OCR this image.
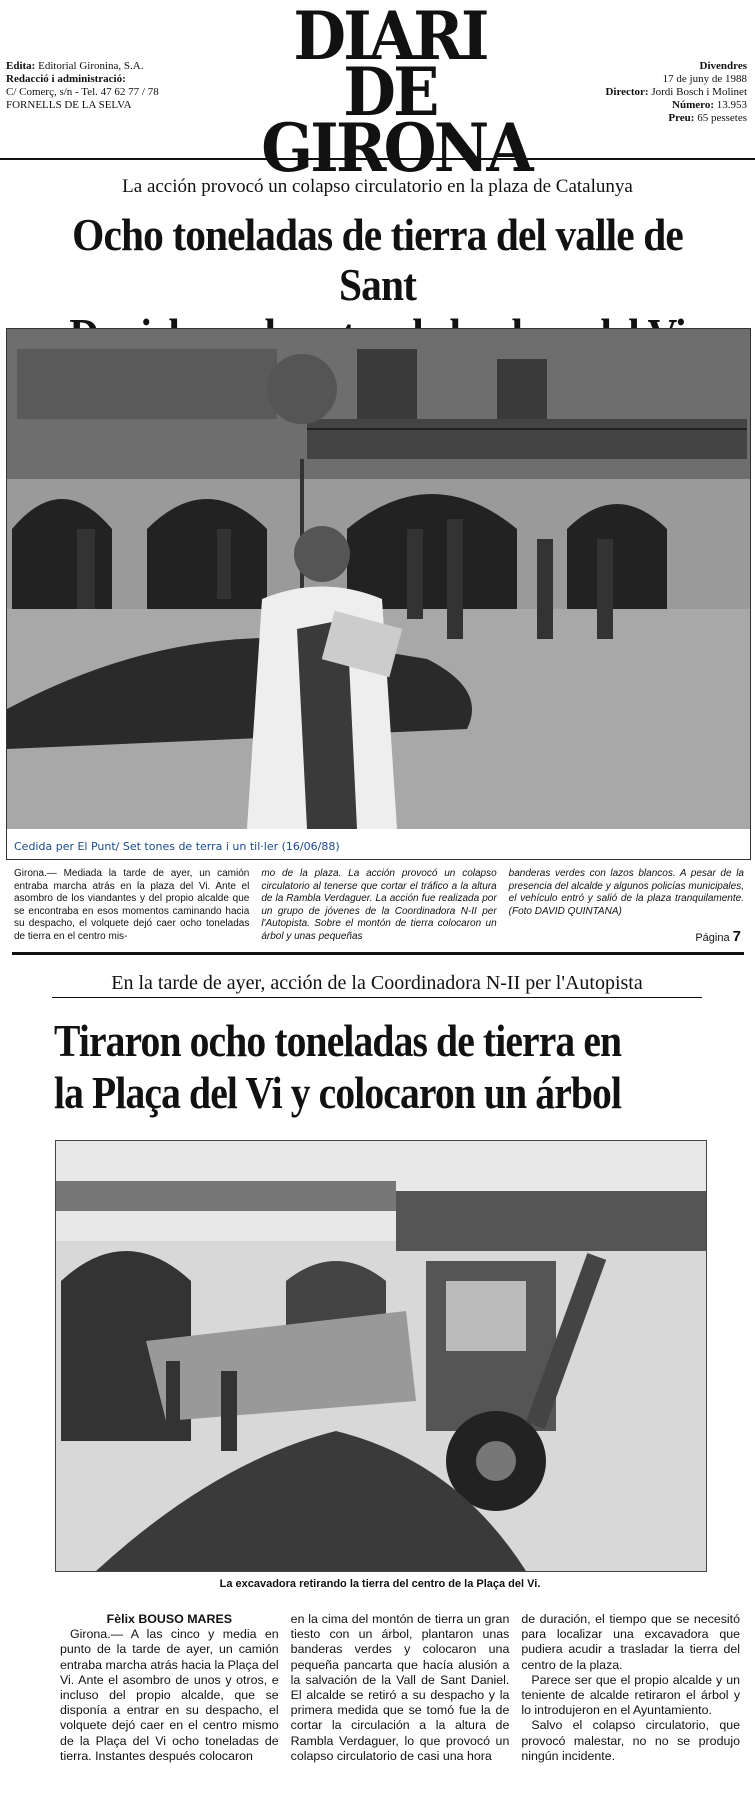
Edita: Editorial Gironina, S.A.
Redacció i administració:
C/ Comerç, s/n - Tel. 47 62 77 / 78
FORNELLS DE LA SELVA
DIARI DE
GIRONA
Divendres
17 de juny de 1988
Director: Jordi Bosch i Molinet
Número: 13.953
Preu: 65 pessetes
La acción provocó un colapso circulatorio en la plaza de Catalunya
Ocho toneladas de tierra del valle de Sant
Cedida per El Punt/ Set tones de terra i un til·ler (16/06/88)
Girona.— Mediada la tarde de ayer, un camión entraba marcha atrás en la plaza del Vi. Ante el asombro de los viandantes y del propio alcalde que se encontraba en esos momentos caminando hacia su despacho, el volquete dejó caer ocho toneladas de tierra en el centro mis-
mo de la plaza. La acción provocó un colapso circulatorio al tenerse que cortar el tráfico a la altura de la Rambla Verdaguer. La acción fue realizada por un grupo de jóvenes de la Coordinadora N-II per l'Autopista. Sobre el montón de tierra colocaron un árbol y unas pequeñas
banderas verdes con lazos blancos. A pesar de la presencia del alcalde y algunos policías municipales, el vehículo entró y salió de la plaza tranquilamente. (Foto DAVID QUINTANA)
Página 7
En la tarde de ayer, acción de la Coordinadora N-II per l'Autopista
Tiraron ocho toneladas de tierra en
la Plaça del Vi y colocaron un árbol
La excavadora retirando la tierra del centro de la Plaça del Vi.
Fèlix BOUSO MARES

Girona.— A las cinco y media en punto de la tarde de ayer, un camión entraba marcha atrás hacia la Plaça del Vi. Ante el asombro de unos y otros, e incluso del propio alcalde, que se disponía a entrar en su despacho, el volquete dejó caer en el centro mismo de la Plaça del Vi ocho toneladas de tierra. Instantes después colocaron

en la cima del montón de tierra un gran tiesto con un árbol, plantaron unas banderas verdes y colocaron una pequeña pancarta que hacía alusión a la salvación de la Vall de Sant Daniel. El alcalde se retiró a su despacho y la primera medida que se tomó fue la de cortar la circulación a la altura de Rambla Verdaguer, lo que provocó un colapso circulatorio de casi una hora

de duración, el tiempo que se necesitó para localizar una excavadora que pudiera acudir a trasladar la tierra del centro de la plaza.

Parece ser que el propio alcalde y un teniente de alcalde retiraron el árbol y lo introdujeron en el Ayuntamiento.

Salvo el colapso circulatorio, que provocó malestar, no no se produjo ningún incidente.
